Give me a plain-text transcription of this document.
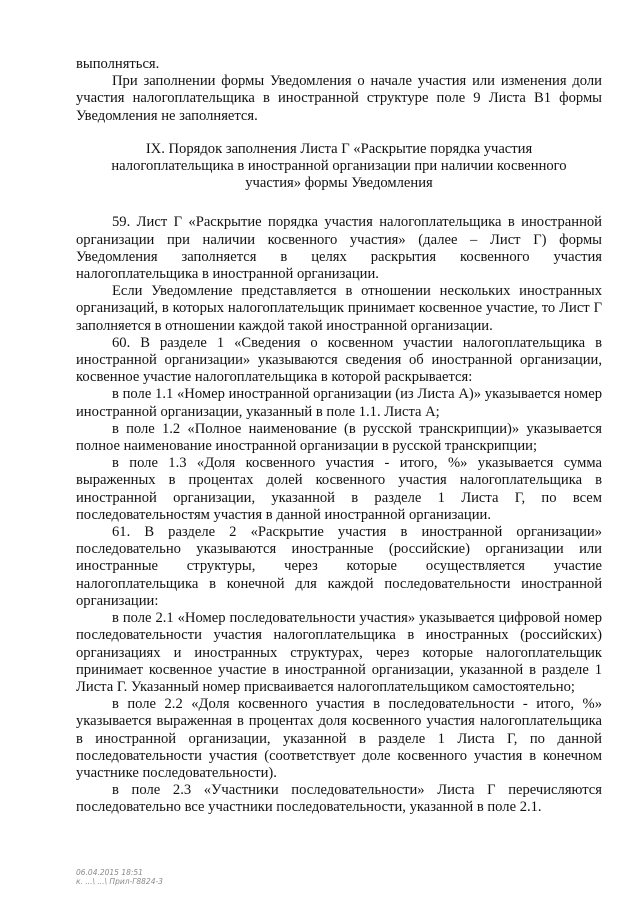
выполняться.

При заполнении формы Уведомления о начале участия или изменения доли участия налогоплательщика в иностранной структуре поле 9 Листа В1 формы Уведомления не заполняется.

IX. Порядок заполнения Листа Г «Раскрытие порядка участия налогоплательщика в иностранной организации при наличии косвенного участия» формы Уведомления

59. Лист Г «Раскрытие порядка участия налогоплательщика в иностранной организации при наличии косвенного участия» (далее – Лист Г) формы Уведомления заполняется в целях раскрытия косвенного участия налогоплательщика в иностранной организации.

Если Уведомление представляется в отношении нескольких иностранных организаций, в которых налогоплательщик принимает косвенное участие, то Лист Г заполняется в отношении каждой такой иностранной организации.

60. В разделе 1 «Сведения о косвенном участии налогоплательщика в иностранной организации» указываются сведения об иностранной организации, косвенное участие налогоплательщика в которой раскрывается:

в поле 1.1 «Номер иностранной организации (из Листа А)» указывается номер иностранной организации, указанный в поле 1.1. Листа А;

в поле 1.2 «Полное наименование (в русской транскрипции)» указывается полное наименование иностранной организации в русской транскрипции;

в поле 1.3 «Доля косвенного участия - итого, %» указывается сумма выраженных в процентах долей косвенного участия налогоплательщика в иностранной организации, указанной в разделе 1 Листа Г, по всем последовательностям участия в данной иностранной организации.

61. В разделе 2 «Раскрытие участия в иностранной организации» последовательно указываются иностранные (российские) организации или иностранные структуры, через которые осуществляется участие налогоплательщика в конечной для каждой последовательности иностранной организации:

в поле 2.1 «Номер последовательности участия» указывается цифровой номер последовательности участия налогоплательщика в иностранных (российских) организациях и иностранных структурах, через которые налогоплательщик принимает косвенное участие в иностранной организации, указанной в разделе 1 Листа Г. Указанный номер присваивается налогоплательщиком самостоятельно;

в поле 2.2 «Доля косвенного участия в последовательности - итого, %» указывается выраженная в процентах доля косвенного участия налогоплательщика в иностранной организации, указанной в разделе 1 Листа Г, по данной последовательности участия (соответствует доле косвенного участия в конечном участнике последовательности).

в поле 2.3 «Участники последовательности» Листа Г перечисляются последовательно все участники последовательности, указанной в поле 2.1.

06.04.2015 18:51
к. ...\ ...\ Прил-Г8824-3
